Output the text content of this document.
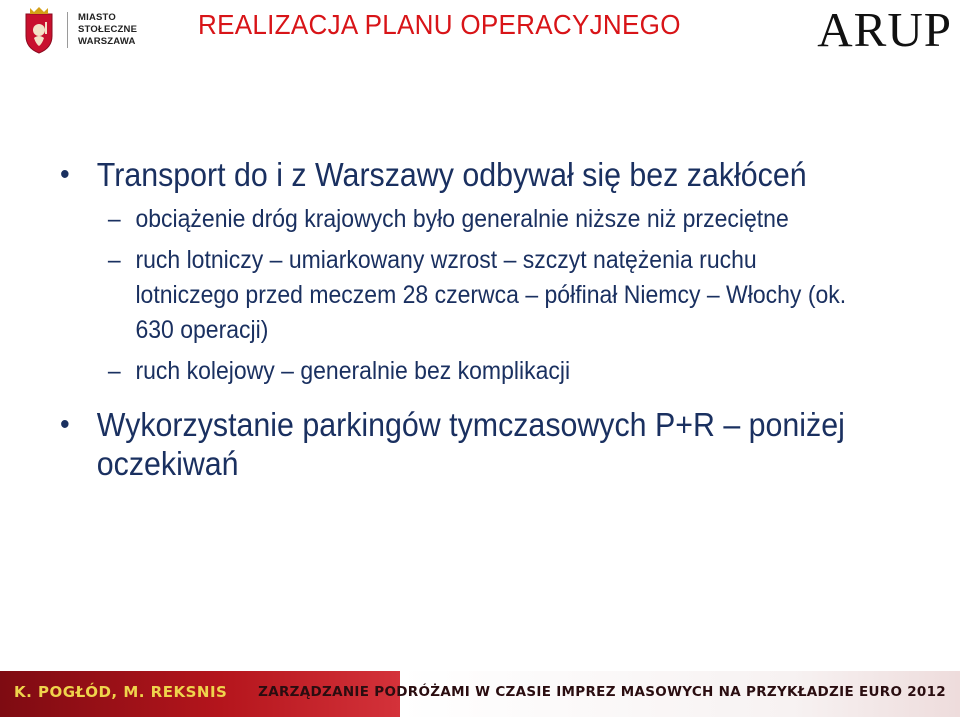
MIASTO
STOŁECZNE
WARSZAWA
REALIZACJA PLANU OPERACYJNEGO	ARUP
• Transport do i z Warszawy odbywał się bez zakłóceń
– obciążenie dróg krajowych było generalnie niższe niż przeciętne
– ruch lotniczy – umiarkowany wzrost – szczyt natężenia ruchu lotniczego przed meczem 28 czerwca – półfinał Niemcy – Włochy (ok. 630 operacji)
– ruch kolejowy – generalnie bez komplikacji
• Wykorzystanie parkingów tymczasowych P+R – poniżej oczekiwań
K. POGŁÓD, M. REKSNIS ZARZĄDZANIE PODRÓŻAMI W CZASIE IMPREZ MASOWYCH NA PRZYKŁADZIE EURO 2012
